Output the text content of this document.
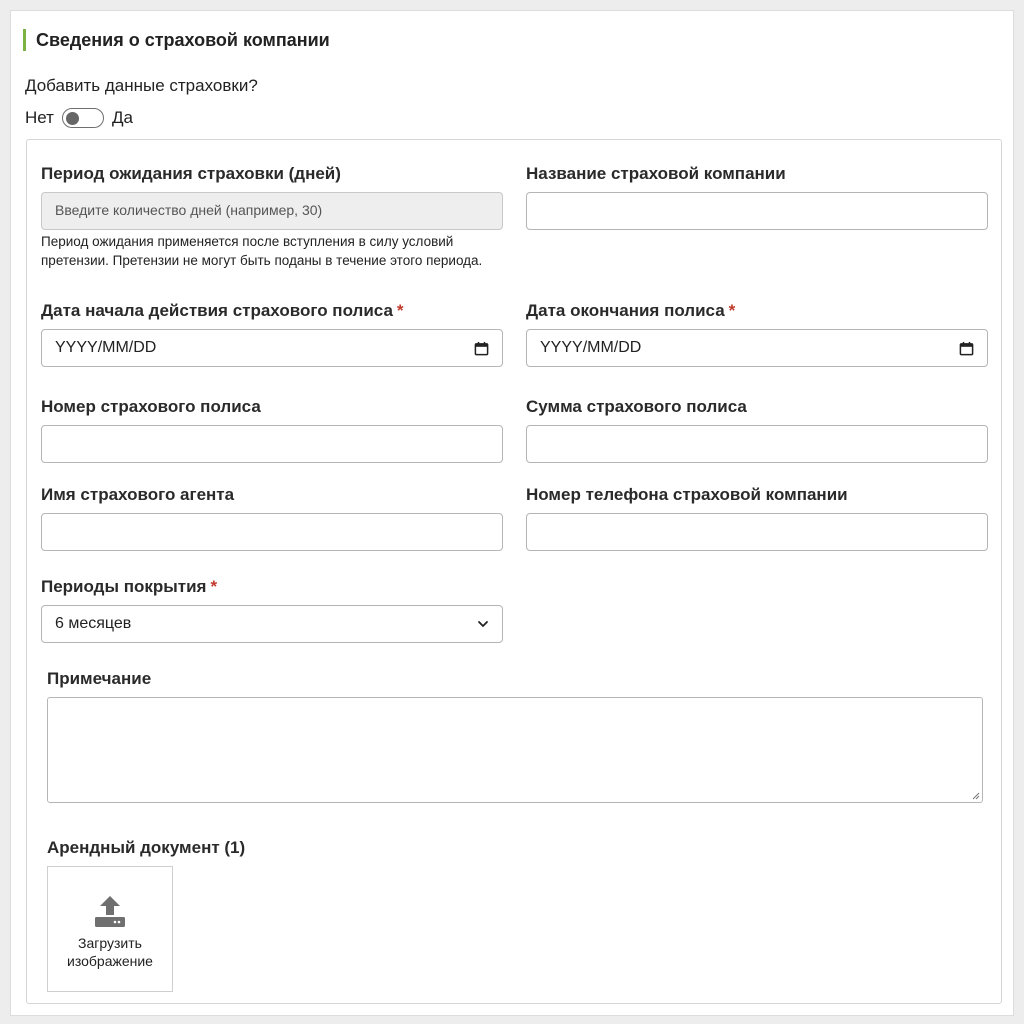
Сведения о страховой компании
Добавить данные страховки?
Нет	Да
Период ожидания страховки (дней)
Введите количество дней (например, 30)
Период ожидания применяется после вступления в силу условий
претензии. Претензии не могут быть поданы в течение этого периода.
Название страховой компании
Дата начала действия страхового полиса *
YYYY/MM/DD
Дата окончания полиса *
YYYY/MM/DD
Номер страхового полиса	Сумма страхового полиса
Имя страхового агента	Номер телефона страховой компании
Периоды покрытия *
6 месяцев
Примечание
Арендный документ (1)
Загрузить
изображение
